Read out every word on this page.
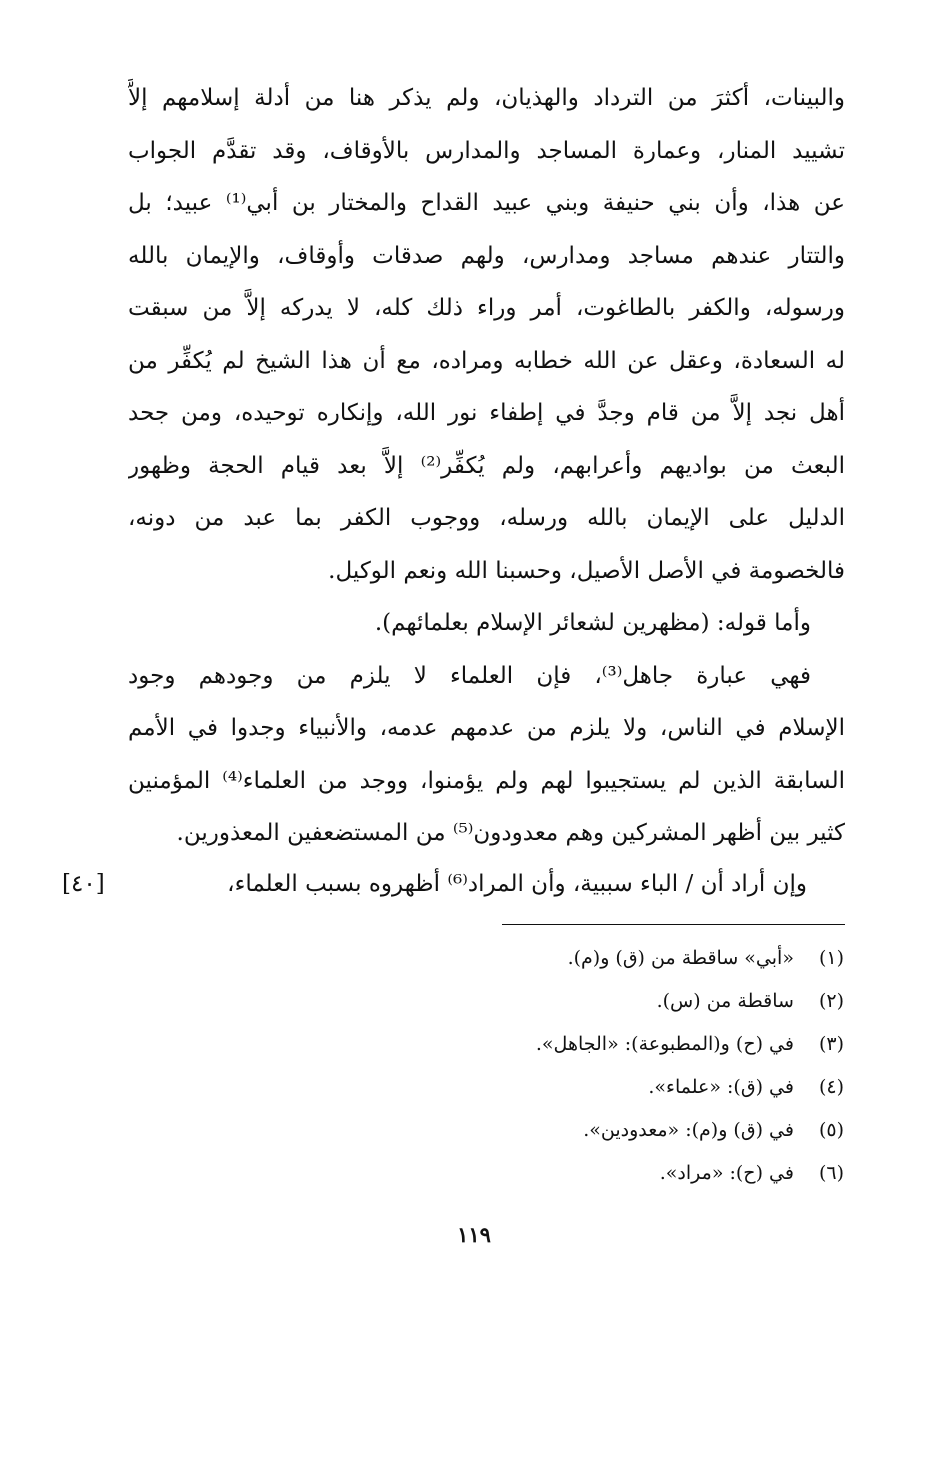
والبينات، أكثرَ من الترداد والهذيان، ولم يذكر هنا من أدلة إسلامهم إلاَّ
تشييد المنار، وعمارة المساجد والمدارس بالأوقاف، وقد تقدَّم الجواب
عن هذا، وأن بني حنيفة وبني عبيد القداح والمختار بن أبي⁽¹⁾ عبيد؛ بل
والتتار عندهم مساجد ومدارس، ولهم صدقات وأوقاف، والإيمان بالله
ورسوله، والكفر بالطاغوت، أمر وراء ذلك كله، لا يدركه إلاَّ من سبقت
له السعادة، وعقل عن الله خطابه ومراده، مع أن هذا الشيخ لم يُكفِّر من
أهل نجد إلاَّ من قام وجدَّ في إطفاء نور الله، وإنكاره توحيده، ومن جحد
البعث من بواديهم وأعرابهم، ولم يُكفِّر⁽²⁾ إلاَّ بعد قيام الحجة وظهور
الدليل على الإيمان بالله ورسله، ووجوب الكفر بما عبد من دونه،
فالخصومة في الأصل الأصيل، وحسبنا الله ونعم الوكيل.
وأما قوله: (مظهرين لشعائر الإسلام بعلمائهم).
فهي عبارة جاهل⁽³⁾، فإن العلماء لا يلزم من وجودهم وجود
الإسلام في الناس، ولا يلزم من عدمهم عدمه، والأنبياء وجدوا في الأمم
السابقة الذين لم يستجيبوا لهم ولم يؤمنوا، ووجد من العلماء⁽⁴⁾ المؤمنين
كثير بين أظهر المشركين وهم معدودون⁽⁵⁾ من المستضعفين المعذورين.
وإن أراد أن / الباء سببية، وأن المراد⁽⁶⁾ أظهروه بسبب العلماء،
[٤٠]
(١) «أبي» ساقطة من (ق) و(م).
(٢) ساقطة من (س).
(٣) في (ح) و(المطبوعة): «الجاهل».
(٤) في (ق): «علماء».
(٥) في (ق) و(م): «معدودين».
(٦) في (ح): «مراد».
١١٩
